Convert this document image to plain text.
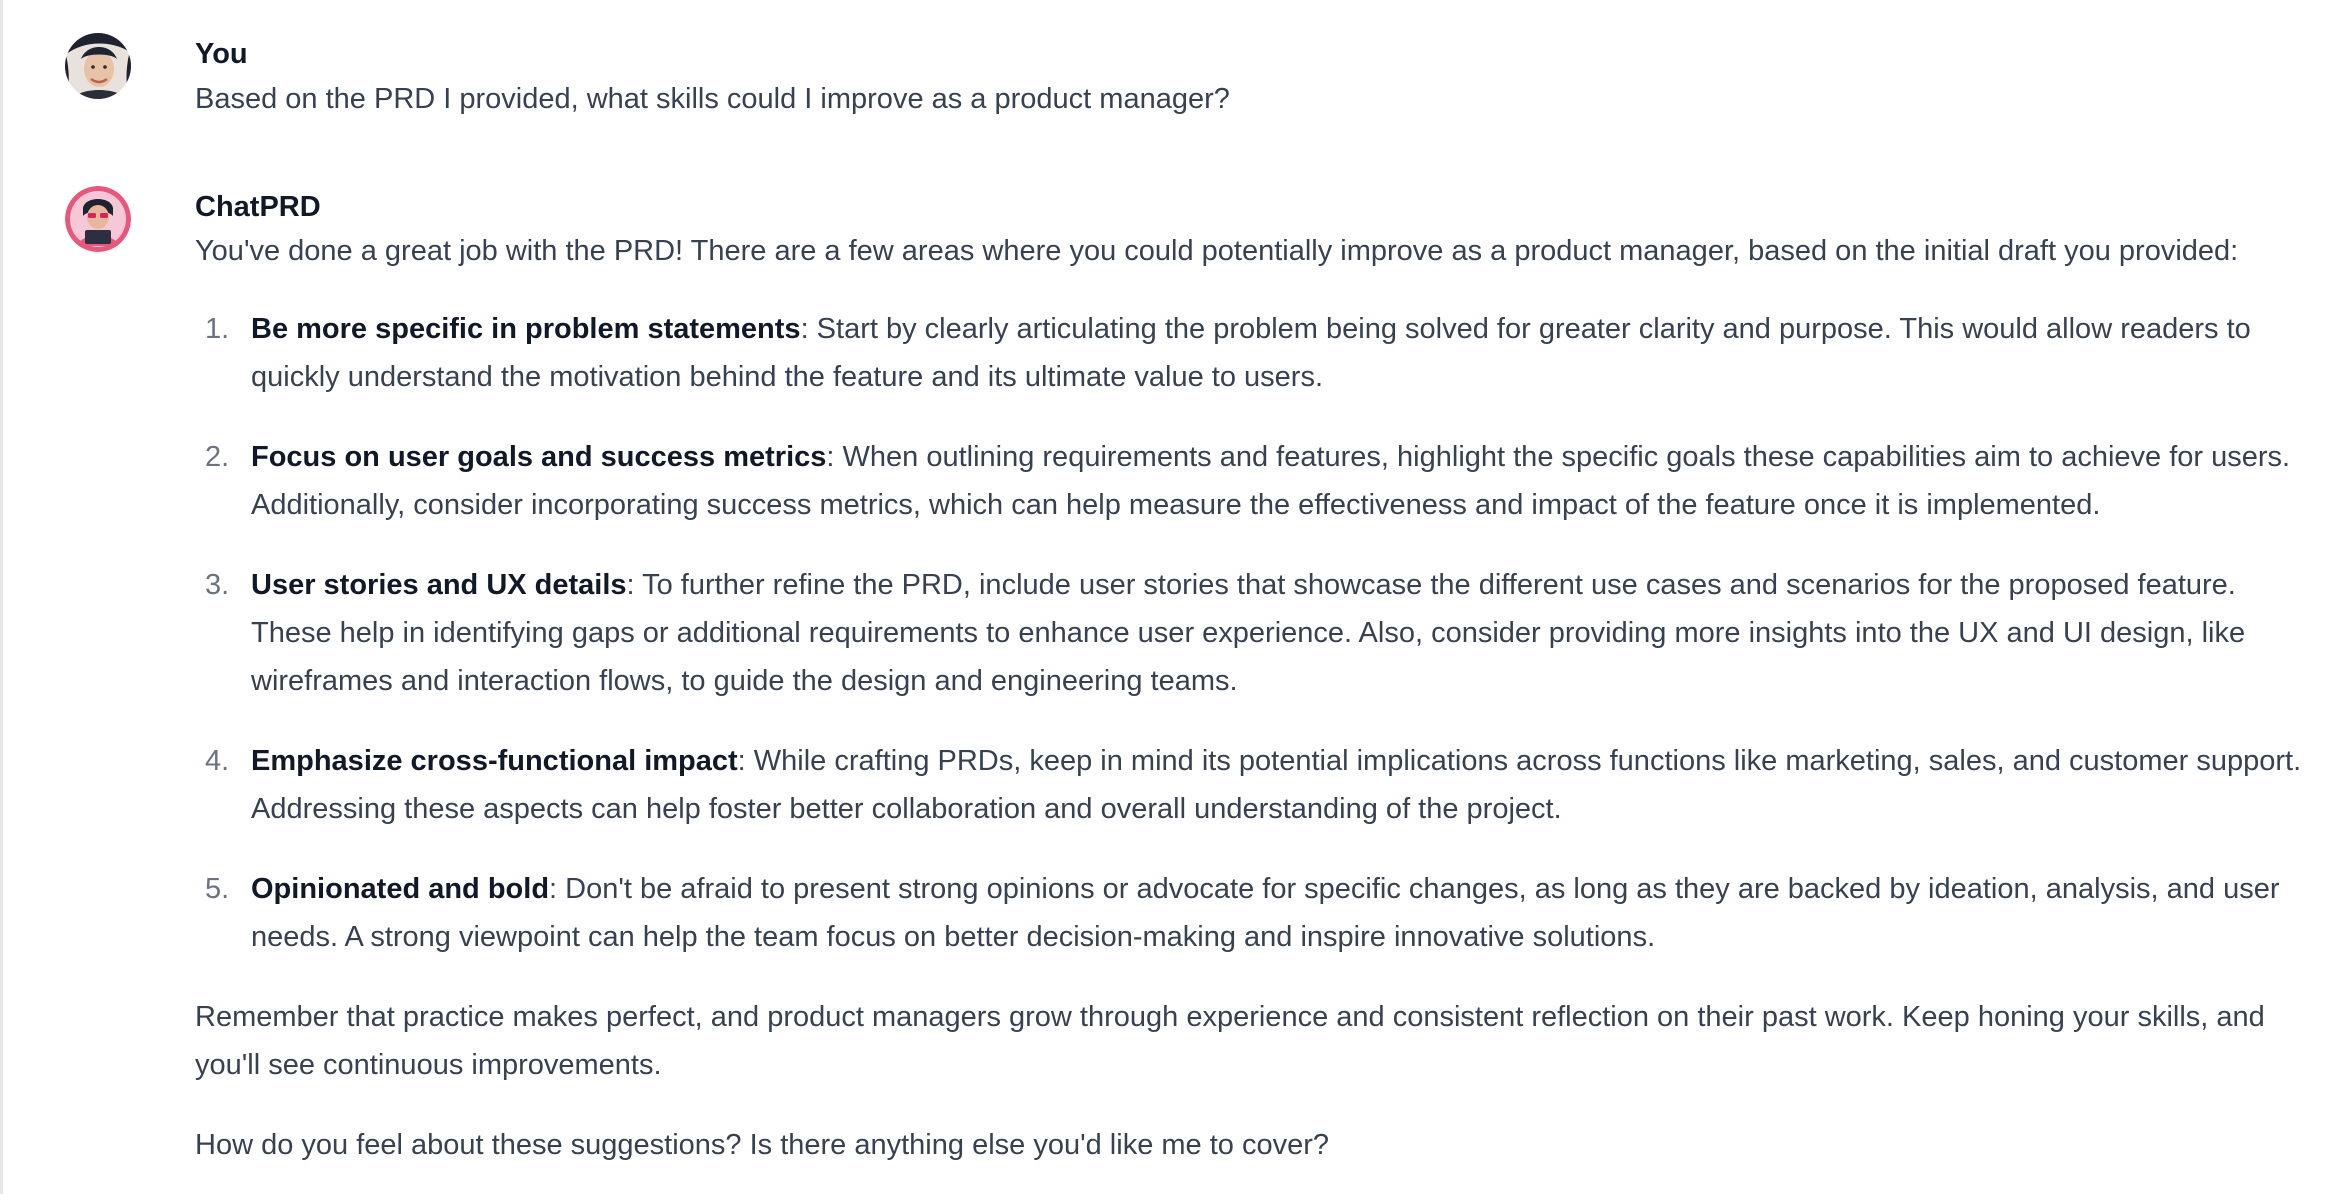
You

Based on the PRD I provided, what skills could I improve as a product manager?

ChatPRD

You've done a great job with the PRD! There are a few areas where you could potentially improve as a product manager, based on the initial draft you provided:

1. Be more specific in problem statements: Start by clearly articulating the problem being solved for greater clarity and purpose. This would allow readers to quickly understand the motivation behind the feature and its ultimate value to users.
2. Focus on user goals and success metrics: When outlining requirements and features, highlight the specific goals these capabilities aim to achieve for users. Additionally, consider incorporating success metrics, which can help measure the effectiveness and impact of the feature once it is implemented.
3. User stories and UX details: To further refine the PRD, include user stories that showcase the different use cases and scenarios for the proposed feature. These help in identifying gaps or additional requirements to enhance user experience. Also, consider providing more insights into the UX and UI design, like wireframes and interaction flows, to guide the design and engineering teams.
4. Emphasize cross-functional impact: While crafting PRDs, keep in mind its potential implications across functions like marketing, sales, and customer support. Addressing these aspects can help foster better collaboration and overall understanding of the project.
5. Opinionated and bold: Don't be afraid to present strong opinions or advocate for specific changes, as long as they are backed by ideation, analysis, and user needs. A strong viewpoint can help the team focus on better decision-making and inspire innovative solutions.

Remember that practice makes perfect, and product managers grow through experience and consistent reflection on their past work. Keep honing your skills, and you'll see continuous improvements.

How do you feel about these suggestions? Is there anything else you'd like me to cover?
